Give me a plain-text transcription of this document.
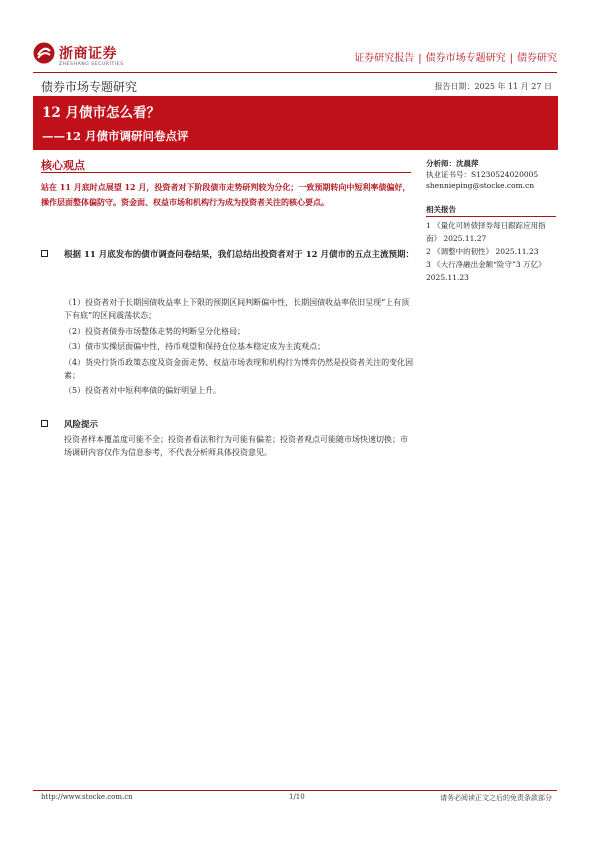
浙商证券
ZHESHANG SECURITIES
证券研究报告 | 债券市场专题研究 | 债券研究
债券市场专题研究	报告日期：2025 年 11 月 27 日
12 月债市怎么看？
——12 月债市调研问卷点评
核心观点
站在 11 月底时点展望 12 月，投资者对下阶段债市走势研判较为分化；一致预期转向中短利率债偏好，操作层面整体偏防守。资金面、权益市场和机构行为成为投资者关注的核心要点。
根据 11 月底发布的债市调查问卷结果，我们总结出投资者对于 12 月债市的五点主流预期：
（1）投资者对于长期国债收益率上下限的预期区间判断偏中性，长期国债收益率依旧呈现“上有顶下有底”的区间震荡状态；
（2）投资者债券市场整体走势的判断呈分化格局；
（3）债市实操层面偏中性，持币观望和保持仓位基本稳定成为主流观点；
（4）货央行货币政策态度及资金面走势、权益市场表现和机构行为博弈仍然是投资者关注的变化因素；
（5）投资者对中短利率债的偏好明显上升。
风险提示
投资者样本覆盖度可能不全；投资者看法和行为可能有偏差；投资者观点可能随市场快速切换；市场调研内容仅作为信息参考，不代表分析师具体投资意见。
分析师：沈晨萍
执业证书号：S1230524020005
shennieping@stocke.com.cn
相关报告
1 《量化可转债择券每日跟踪应用指南》 2025.11.27
2 《调整中的韧性》 2025.11.23
3 《大行净融出金额“险守”3 万亿》 2025.11.23
http://www.stocke.com.cn	1/10	请务必阅读正文之后的免责条款部分
